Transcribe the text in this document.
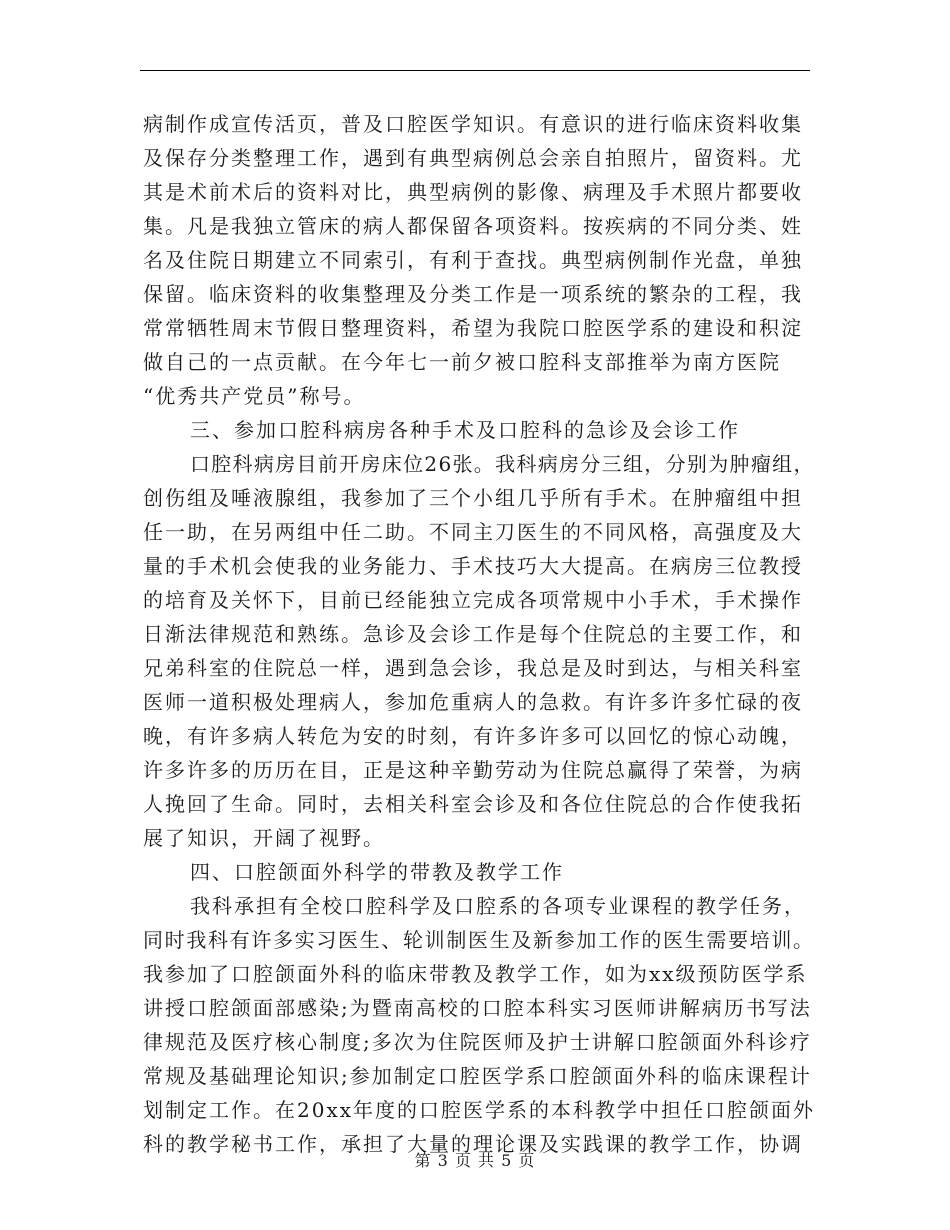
病制作成宣传活页，普及口腔医学知识。有意识的进行临床资料收集
及保存分类整理工作，遇到有典型病例总会亲自拍照片，留资料。尤
其是术前术后的资料对比，典型病例的影像、病理及手术照片都要收
集。凡是我独立管床的病人都保留各项资料。按疾病的不同分类、姓
名及住院日期建立不同索引，有利于查找。典型病例制作光盘，单独
保留。临床资料的收集整理及分类工作是一项系统的繁杂的工程，我
常常牺牲周末节假日整理资料，希望为我院口腔医学系的建设和积淀
做自己的一点贡献。在今年七一前夕被口腔科支部推举为南方医院
“优秀共产党员”称号。
三、参加口腔科病房各种手术及口腔科的急诊及会诊工作
口腔科病房目前开房床位26张。我科病房分三组，分别为肿瘤组，
创伤组及唾液腺组，我参加了三个小组几乎所有手术。在肿瘤组中担
任一助，在另两组中任二助。不同主刀医生的不同风格，高强度及大
量的手术机会使我的业务能力、手术技巧大大提高。在病房三位教授
的培育及关怀下，目前已经能独立完成各项常规中小手术，手术操作
日渐法律规范和熟练。急诊及会诊工作是每个住院总的主要工作，和
兄弟科室的住院总一样，遇到急会诊，我总是及时到达，与相关科室
医师一道积极处理病人，参加危重病人的急救。有许多许多忙碌的夜
晚，有许多病人转危为安的时刻，有许多许多可以回忆的惊心动魄，
许多许多的历历在目，正是这种辛勤劳动为住院总赢得了荣誉，为病
人挽回了生命。同时，去相关科室会诊及和各位住院总的合作使我拓
展了知识，开阔了视野。
四、口腔颌面外科学的带教及教学工作
我科承担有全校口腔科学及口腔系的各项专业课程的教学任务，
同时我科有许多实习医生、轮训制医生及新参加工作的医生需要培训。
我参加了口腔颌面外科的临床带教及教学工作，如为xx级预防医学系
讲授口腔颌面部感染;为暨南高校的口腔本科实习医师讲解病历书写法
律规范及医疗核心制度;多次为住院医师及护士讲解口腔颌面外科诊疗
常规及基础理论知识;参加制定口腔医学系口腔颌面外科的临床课程计
划制定工作。在20xx年度的口腔医学系的本科教学中担任口腔颌面外
科的教学秘书工作，承担了大量的理论课及实践课的教学工作，协调
第 3 页 共 5 页
